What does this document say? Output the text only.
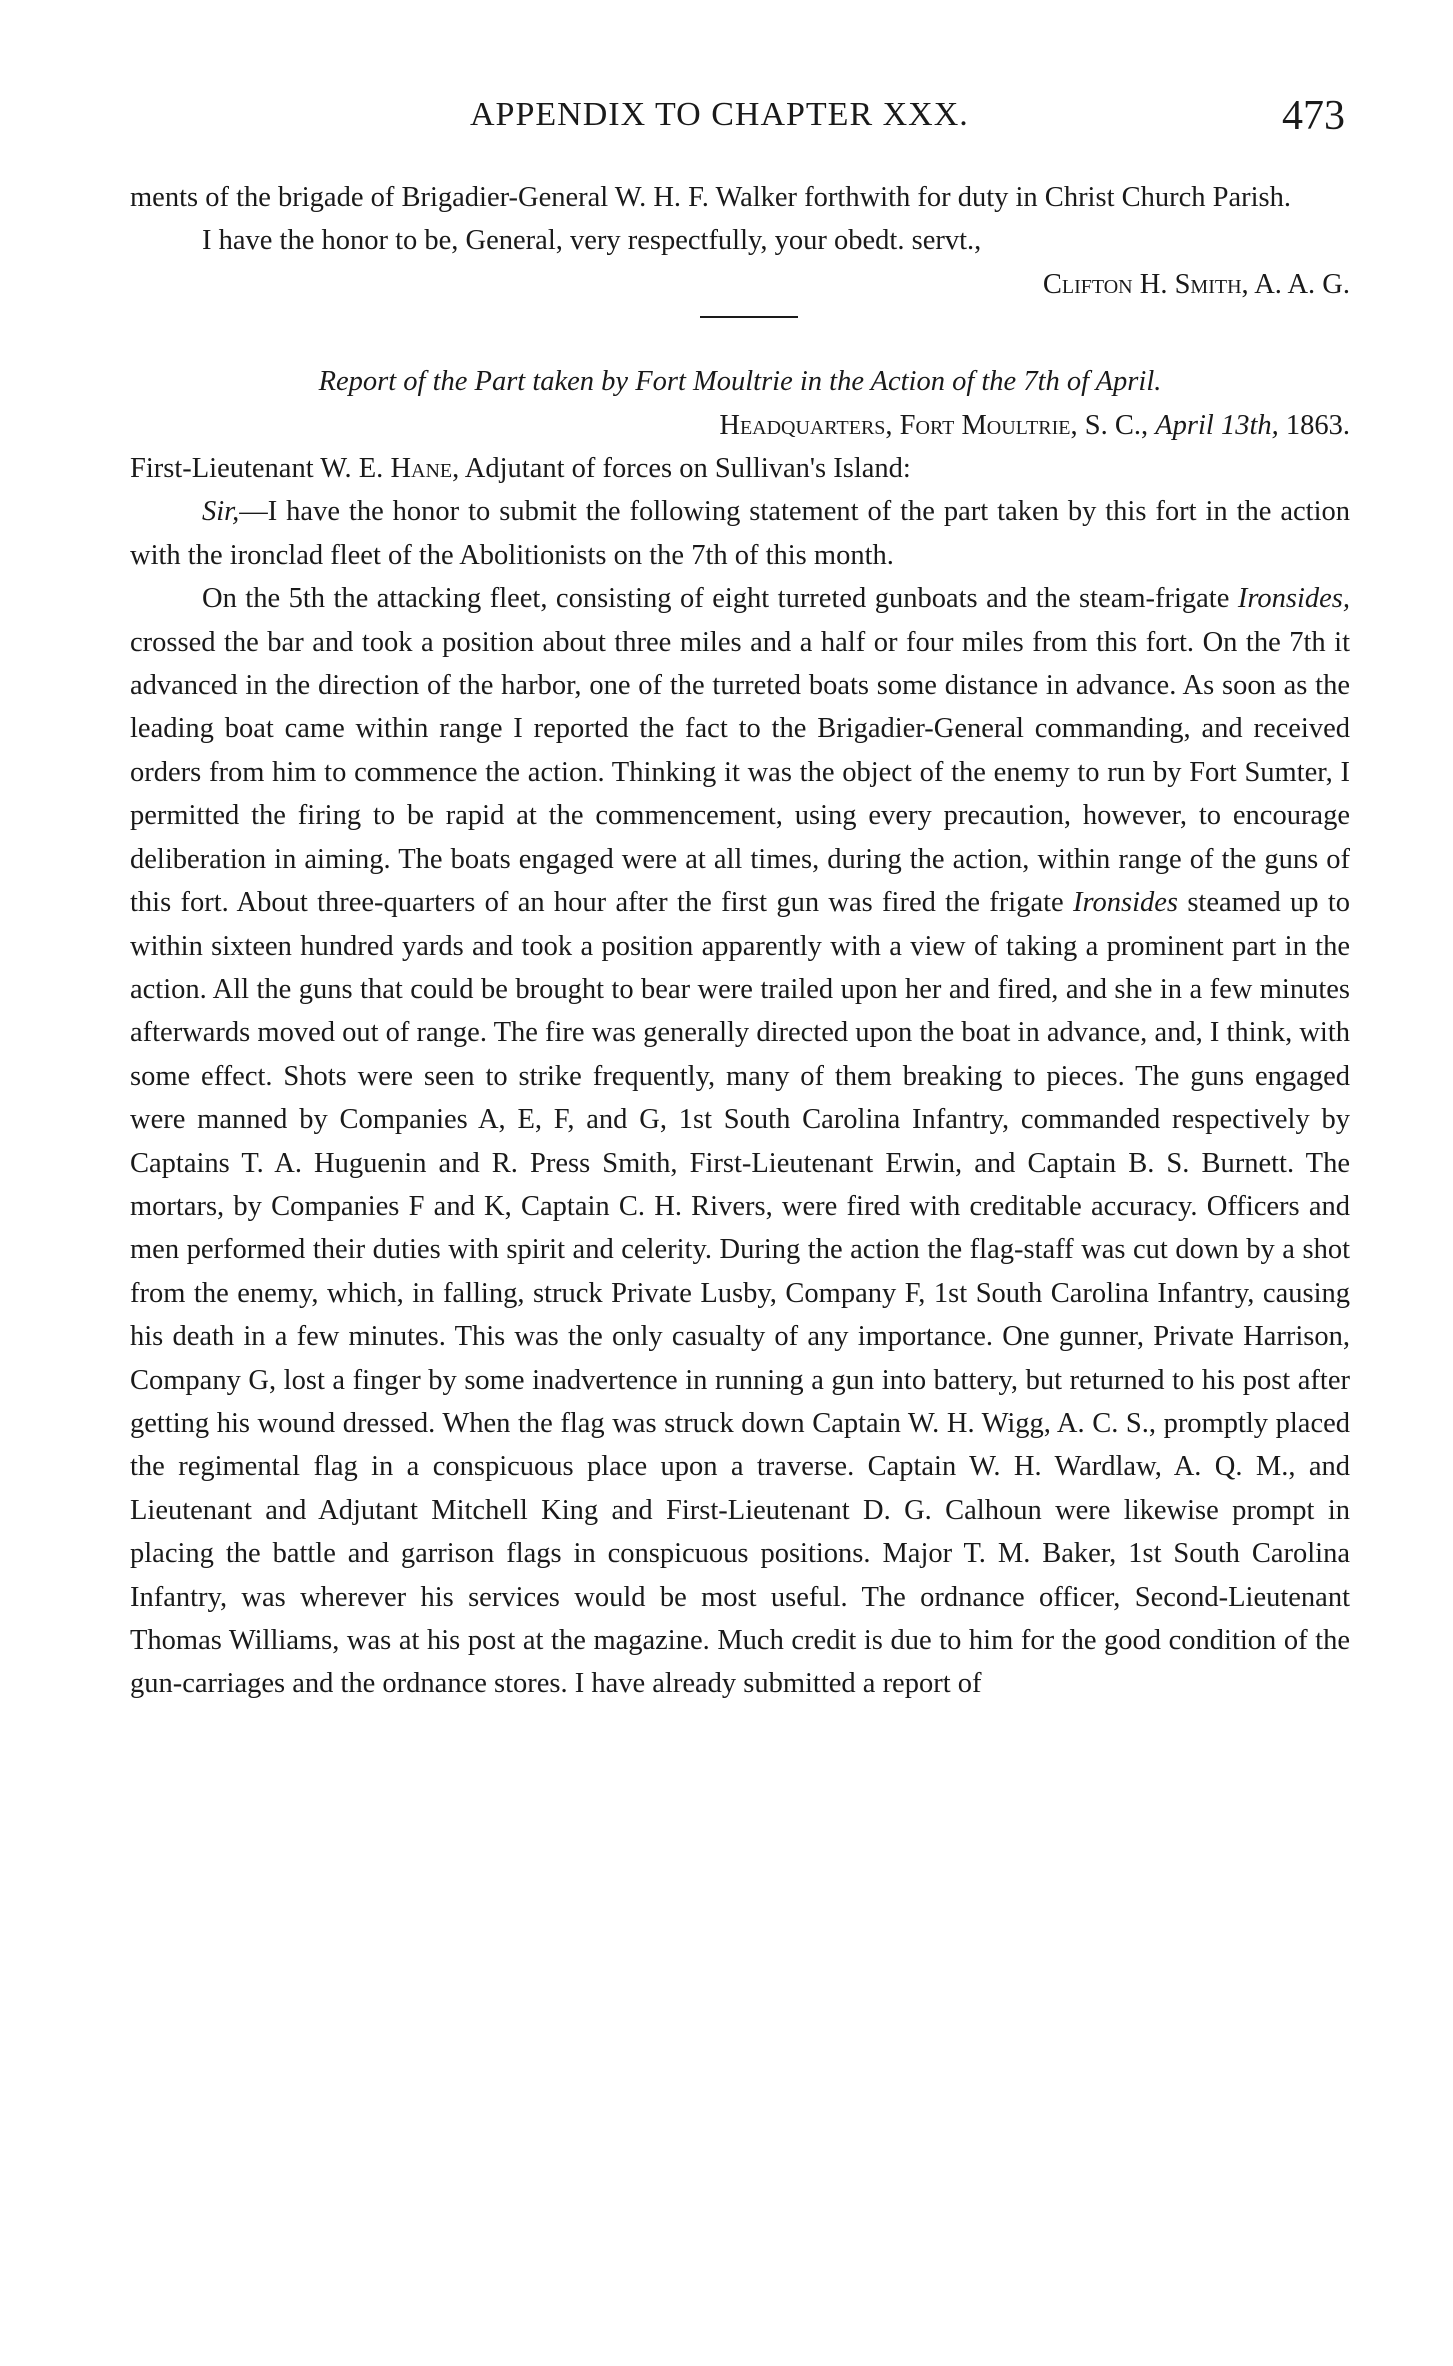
APPENDIX TO CHAPTER XXX.	473

ments of the brigade of Brigadier-General W. H. F. Walker forthwith for duty in Christ Church Parish.

I have the honor to be, General, very respectfully, your obedt. servt.,

Clifton H. Smith, A. A. G.

Report of the Part taken by Fort Moultrie in the Action of the 7th of April.

Headquarters, Fort Moultrie, S. C., April 13th, 1863.

First-Lieutenant W. E. Hane, Adjutant of forces on Sullivan's Island:

Sir,—I have the honor to submit the following statement of the part taken by this fort in the action with the ironclad fleet of the Abolitionists on the 7th of this month.

On the 5th the attacking fleet, consisting of eight turreted gunboats and the steam-frigate Ironsides, crossed the bar and took a position about three miles and a half or four miles from this fort. On the 7th it advanced in the direction of the harbor, one of the turreted boats some distance in advance. As soon as the leading boat came within range I reported the fact to the Brigadier-General commanding, and received orders from him to commence the action. Thinking it was the object of the enemy to run by Fort Sumter, I permitted the firing to be rapid at the commencement, using every precaution, however, to encourage deliberation in aiming. The boats engaged were at all times, during the action, within range of the guns of this fort. About three-quarters of an hour after the first gun was fired the frigate Ironsides steamed up to within sixteen hundred yards and took a position apparently with a view of taking a prominent part in the action. All the guns that could be brought to bear were trailed upon her and fired, and she in a few minutes afterwards moved out of range. The fire was generally directed upon the boat in advance, and, I think, with some effect. Shots were seen to strike frequently, many of them breaking to pieces. The guns engaged were manned by Companies A, E, F, and G, 1st South Carolina Infantry, commanded respectively by Captains T. A. Huguenin and R. Press Smith, First-Lieutenant Erwin, and Captain B. S. Burnett. The mortars, by Companies F and K, Captain C. H. Rivers, were fired with creditable accuracy. Officers and men performed their duties with spirit and celerity. During the action the flag-staff was cut down by a shot from the enemy, which, in falling, struck Private Lusby, Company F, 1st South Carolina Infantry, causing his death in a few minutes. This was the only casualty of any importance. One gunner, Private Harrison, Company G, lost a finger by some inadvertence in running a gun into battery, but returned to his post after getting his wound dressed. When the flag was struck down Captain W. H. Wigg, A. C. S., promptly placed the regimental flag in a conspicuous place upon a traverse. Captain W. H. Wardlaw, A. Q. M., and Lieutenant and Adjutant Mitchell King and First-Lieutenant D. G. Calhoun were likewise prompt in placing the battle and garrison flags in conspicuous positions. Major T. M. Baker, 1st South Carolina Infantry, was wherever his services would be most useful. The ordnance officer, Second-Lieutenant Thomas Williams, was at his post at the magazine. Much credit is due to him for the good condition of the gun-carriages and the ordnance stores. I have already submitted a report of
